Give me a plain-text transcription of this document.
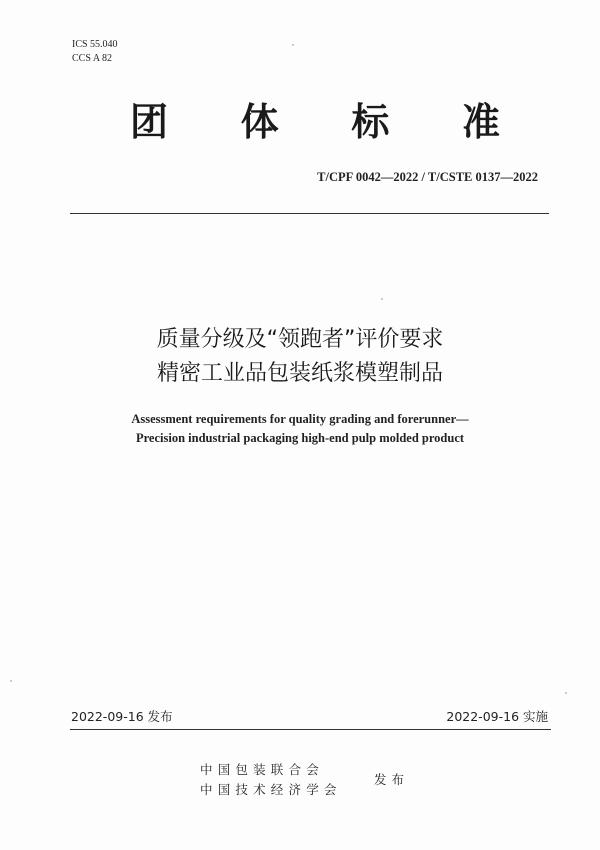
ICS 55.040
CCS A 82
团 体 标 准
T/CPF 0042—2022 / T/CSTE 0137—2022
质量分级及“领跑者”评价要求
精密工业品包装纸浆模塑制品
Assessment requirements for quality grading and forerunner—
Precision industrial packaging high-end pulp molded product
2022-09-16 发布	2022-09-16 实施
中国包装联合会
中国技术经济学会
发布
